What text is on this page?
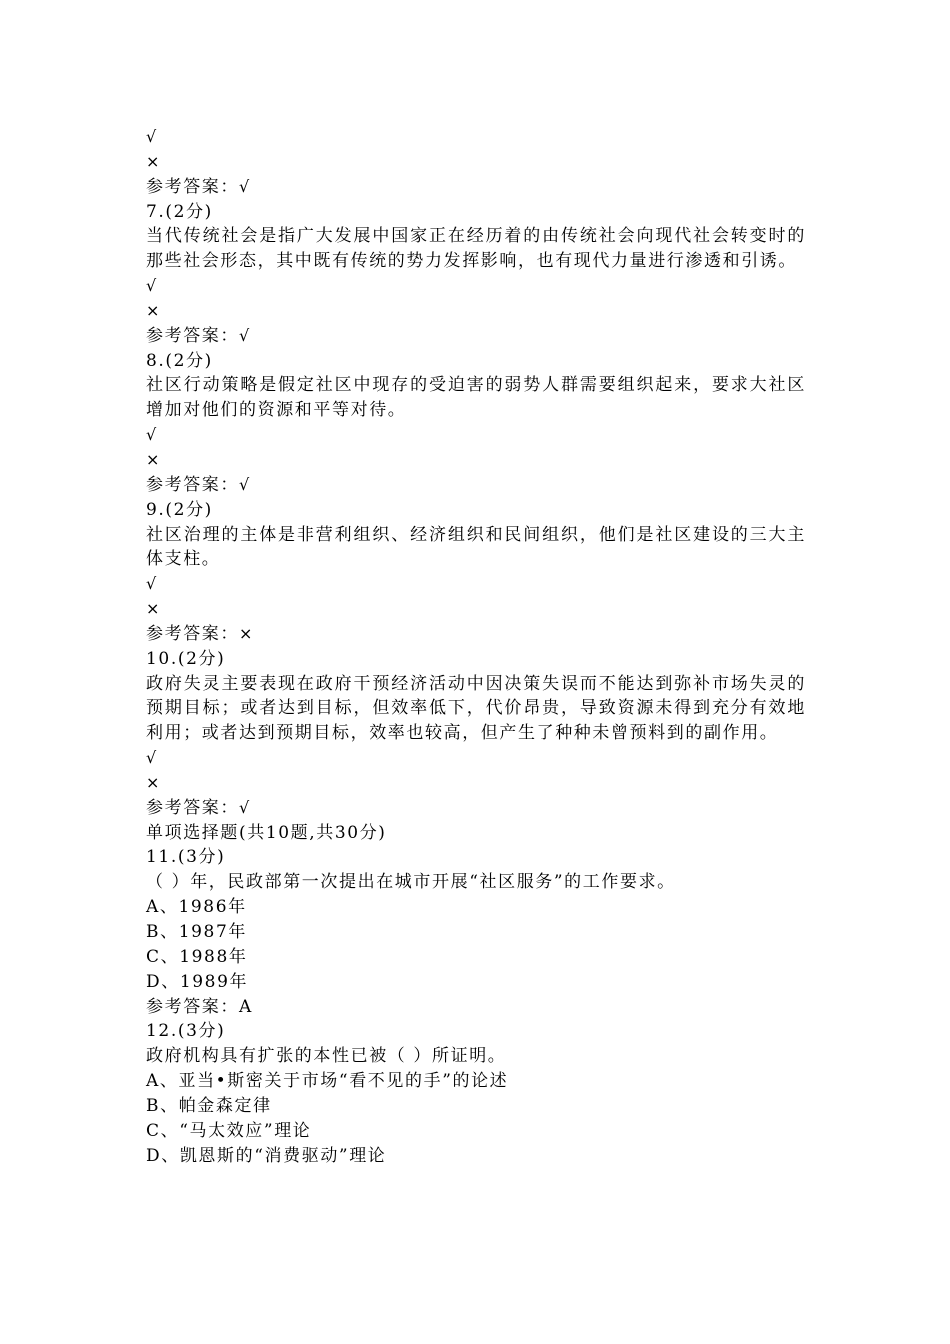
√
×

参考答案：√

7.(2分)

当代传统社会是指广大发展中国家正在经历着的由传统社会向现代社会转变时的那些社会形态，其中既有传统的势力发挥影响，也有现代力量进行渗透和引诱。

√
×

参考答案：√

8.(2分)

社区行动策略是假定社区中现存的受迫害的弱势人群需要组织起来，要求大社区增加对他们的资源和平等对待。

√
×

参考答案：√

9.(2分)

社区治理的主体是非营利组织、经济组织和民间组织，他们是社区建设的三大主体支柱。

√
×

参考答案：×

10.(2分)

政府失灵主要表现在政府干预经济活动中因决策失误而不能达到弥补市场失灵的预期目标；或者达到目标，但效率低下，代价昂贵，导致资源未得到充分有效地利用；或者达到预期目标，效率也较高，但产生了种种未曾预料到的副作用。

√
×

参考答案：√

单项选择题(共10题,共30分)

11.(3分)

（ ）年，民政部第一次提出在城市开展“社区服务”的工作要求。

A、1986年

B、1987年

C、1988年

D、1989年

参考答案：A

12.(3分)

政府机构具有扩张的本性已被（ ）所证明。

A、亚当•斯密关于市场“看不见的手”的论述

B、帕金森定律

C、“马太效应”理论

D、凯恩斯的“消费驱动”理论
